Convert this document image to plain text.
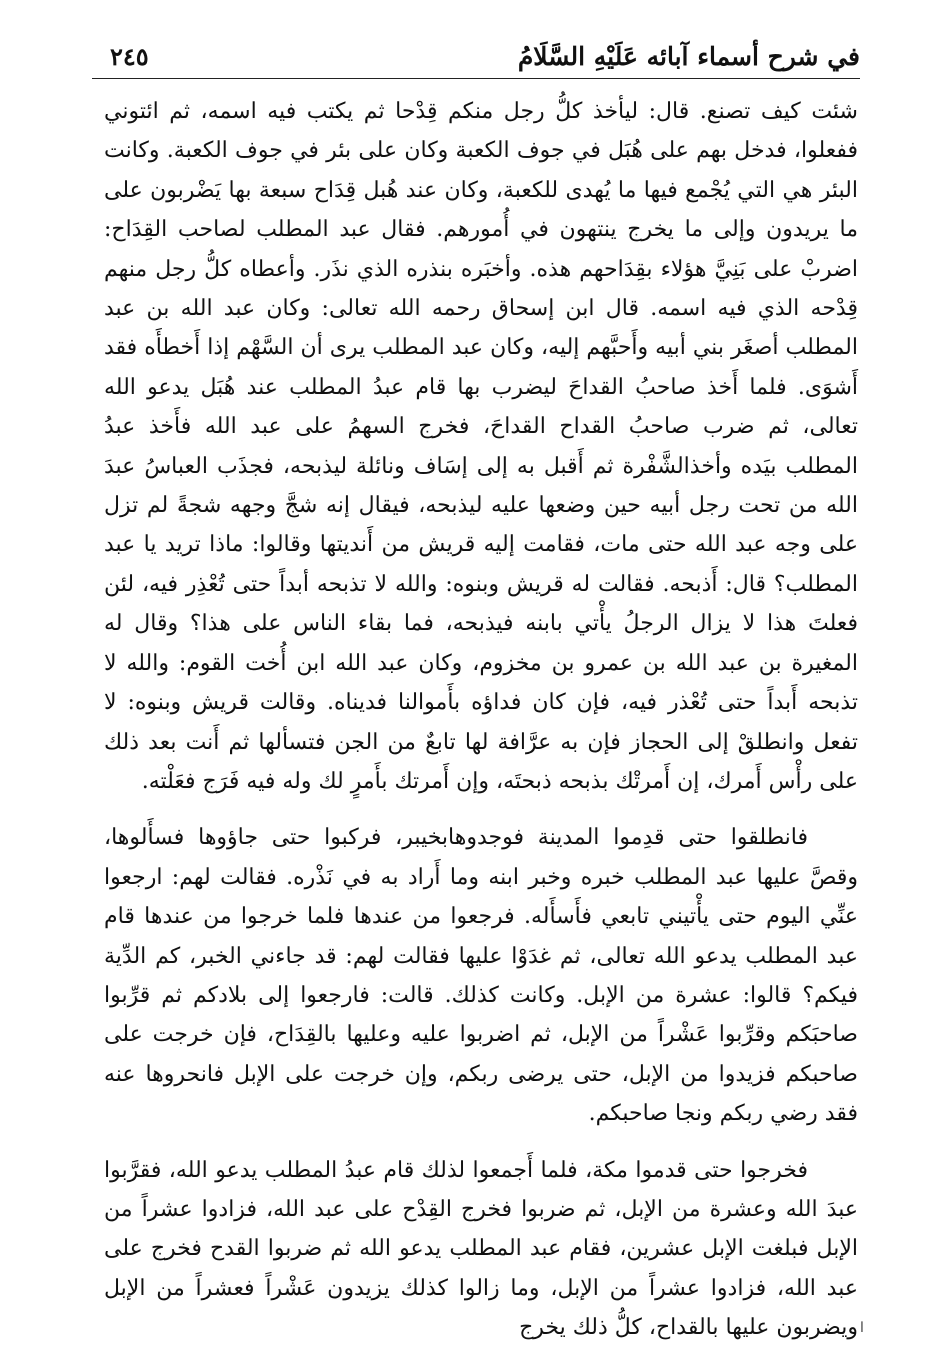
في شرح أسماء آبائه عَلَيْهِ السَّلَامُ
٢٤٥

شئت كيف تصنع. قال: ليأخذ كلُّ رجل منكم قِدْحا ثم يكتب فيه اسمه، ثم ائتوني ففعلوا، فدخل بهم على هُبَل في جوف الكعبة وكان على بئر في جوف الكعبة. وكانت البئر هي التي يُجْمع فيها ما يُهدى للكعبة، وكان عند هُبل قِدَاح سبعة بها يَضْربون على ما يريدون وإلى ما يخرج ينتهون في أُمورهم. فقال عبد المطلب لصاحب القِدَاح: اضربْ على بَنِيَّ هؤلاء بقِدَاحهم هذه. وأخبَره بنذره الذي نذَر. وأعطاه كلُّ رجل منهم قِدْحه الذي فيه اسمه. قال ابن إسحاق رحمه الله تعالى: وكان عبد الله بن عبد المطلب أصغَر بني أبيه وأَحبَّهم إليه، وكان عبد المطلب يرى أن السَّهْم إذا أَخطأَه فقد أَشوَى. فلما أَخذ صاحبُ القداحَ ليضرب بها قام عبدُ المطلب عند هُبَل يدعو الله تعالى، ثم ضرب صاحبُ القداح القداحَ، فخرج السهمُ على عبد الله فأَخذ عبدُ المطلب بيَده وأخذالشَّفْرة ثم أَقبل به إلى إسَاف ونائلة ليذبحه، فجذَب العباسُ عبدَ الله من تحت رجل أبيه حين وضعها عليه ليذبحه، فيقال إنه شجَّ وجهه شجةً لم تزل على وجه عبد الله حتى مات، فقامت إليه قريش من أَنديتها وقالوا: ماذا تريد يا عبد المطلب؟ قال: أَذبحه. فقالت له قريش وبنوه: والله لا تذبحه أبداً حتى تُعْذِر فيه، لئن فعلتَ هذا لا يزال الرجلُ يأْتي بابنه فيذبحه، فما بقاء الناس على هذا؟ وقال له المغيرة بن عبد الله بن عمرو بن مخزوم، وكان عبد الله ابن أُخت القوم: والله لا تذبحه أَبداً حتى تُعْذر فيه، فإن كان فداؤه بأَموالنا فديناه. وقالت قريش وبنوه: لا تفعل وانطلقْ إلى الحجاز فإن به عرَّافة لها تابعٌ من الجن فتسألها ثم أَنت بعد ذلك على رأْس أَمرك، إن أَمرتْك بذبحه ذبحتَه، وإن أَمرتك بأَمرٍ لك وله فيه فَرَج فعَلْته.

فانطلقوا حتى قدِموا المدينة فوجدوهابخيبر، فركبوا حتى جاؤوها فسأَلوها، وقصَّ عليها عبد المطلب خبره وخبر ابنه وما أَراد به في نَذْره. فقالت لهم: ارجعوا عنِّي اليوم حتى يأْتيني تابعي فأَسأَله. فرجعوا من عندها فلما خرجوا من عندها قام عبد المطلب يدعو الله تعالى، ثم غدَوْا عليها فقالت لهم: قد جاءني الخبر، كم الدِّية فيكم؟ قالوا: عشرة من الإبل. وكانت كذلك. قالت: فارجعوا إلى بلادكم ثم قرِّبوا صاحبَكم وقرِّبوا عَشْراً من الإبل، ثم اضربوا عليه وعليها بالقِدَاح، فإن خرجت على صاحبكم فزيدوا من الإبل، حتى يرضى ربكم، وإن خرجت على الإبل فانحروها عنه فقد رضي ربكم ونجا صاحبكم.

فخرجوا حتى قدموا مكة، فلما أَجمعوا لذلك قام عبدُ المطلب يدعو الله، فقرَّبوا عبدَ الله وعشرة من الإبل، ثم ضربوا فخرج القِدْح على عبد الله، فزادوا عشراً من الإبل فبلغت الإبل عشرين، فقام عبد المطلب يدعو الله ثم ضربوا القدح فخرج على عبد الله، فزادوا عشراً من الإبل، وما زالوا كذلك يزيدون عَشْراً فعشراً من الإبل ويضربون عليها بالقداح، كلُّ ذلك يخرج ا
